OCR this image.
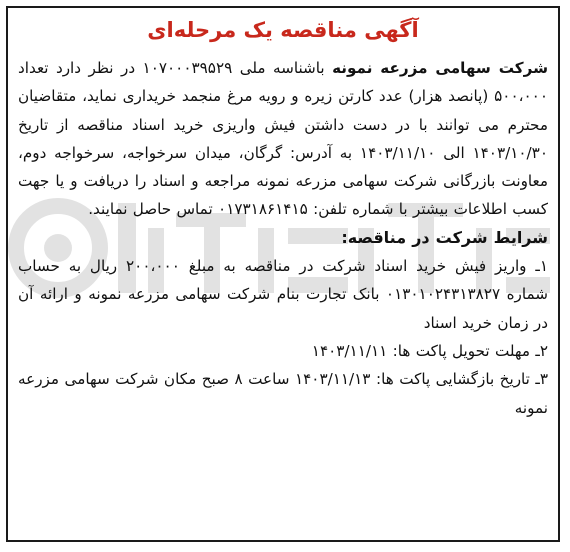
آگهی مناقصه یک مرحله‌ای

شرکت سهامی مزرعه نمونه باشناسه ملی ۱۰۷۰۰۰۳۹۵۲۹ در نظر دارد تعداد ۵۰۰،۰۰۰ (پانصد هزار) عدد کارتن زیره و رویه مرغ منجمد خریداری نماید، متقاضیان محترم می توانند با در دست داشتن فیش واریزی خرید اسناد مناقصه از تاریخ ۱۴۰۳/۱۰/۳۰ الی ۱۴۰۳/۱۱/۱۰ به آدرس: گرگان، میدان سرخواجه، سرخواجه دوم، معاونت بازرگانی شرکت سهامی مزرعه نمونه مراجعه و اسناد را دریافت و یا جهت کسب اطلاعات بیشتر با شماره تلفن: ۰۱۷۳۱۸۶۱۴۱۵ تماس حاصل نمایند.

شرایط شرکت در مناقصه:

۱ـ واریز فیش خرید اسناد شرکت در مناقصه به مبلغ ۲۰۰،۰۰۰ ریال به حساب شماره ۰۱۳۰۱۰۲۴۳۱۳۸۲۷ بانک تجارت بنام شرکت سهامی مزرعه نمونه و ارائه آن در زمان خرید اسناد

۲ـ مهلت تحویل پاکت ها: ۱۴۰۳/۱۱/۱۱

۳ـ تاریخ بازگشایی پاکت ها: ۱۴۰۳/۱۱/۱۳ ساعت ۸ صبح مکان شرکت سهامی مزرعه نمونه
